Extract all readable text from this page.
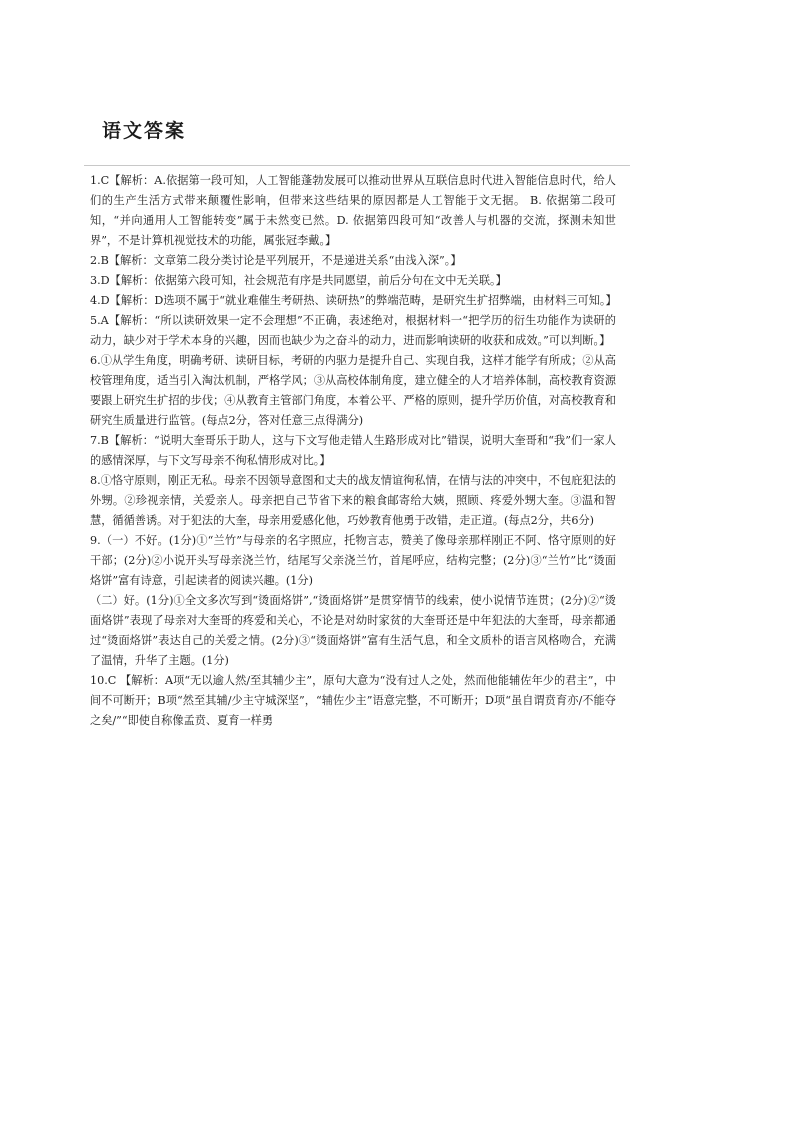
语文答案

1.C【解析：A.依据第一段可知，人工智能蓬勃发展可以推动世界从互联信息时代进入智能信息时代，给人们的生产生活方式带来颠覆性影响，但带来这些结果的原因都是人工智能于文无据。 B. 依据第二段可知，“并向通用人工智能转变”属于未然变已然。D. 依据第四段可知“改善人与机器的交流，探测未知世界”，不是计算机视觉技术的功能，属张冠李戴。】

2.B【解析：文章第二段分类讨论是平列展开，不是递进关系“由浅入深”。】

3.D【解析：依据第六段可知，社会规范有序是共同愿望，前后分句在文中无关联。】

4.D【解析：D选项不属于“就业难催生考研热、读研热”的弊端范畴，是研究生扩招弊端，由材料三可知。】

5.A【解析：“所以读研效果一定不会理想”不正确，表述绝对，根据材料一“把学历的衍生功能作为读研的动力，缺少对于学术本身的兴趣，因而也缺少为之奋斗的动力，进而影响读研的收获和成效。”可以判断。】

6.①从学生角度，明确考研、读研目标，考研的内驱力是提升自己、实现自我，这样才能学有所成；②从高校管理角度，适当引入淘汰机制，严格学风；③从高校体制角度，建立健全的人才培养体制，高校教育资源要跟上研究生扩招的步伐；④从教育主管部门角度，本着公平、严格的原则，提升学历价值，对高校教育和研究生质量进行监管。(每点2分，答对任意三点得满分)

7.B【解析：“说明大奎哥乐于助人，这与下文写他走错人生路形成对比”错误，说明大奎哥和“我”们一家人的感情深厚，与下文写母亲不徇私情形成对比。】

8.①恪守原则，刚正无私。母亲不因领导意图和丈夫的战友情谊徇私情，在情与法的冲突中，不包庇犯法的外甥。②珍视亲情，关爱亲人。母亲把自己节省下来的粮食邮寄给大姨，照顾、疼爱外甥大奎。③温和智慧，循循善诱。对于犯法的大奎，母亲用爱感化他，巧妙教育他勇于改错，走正道。(每点2分，共6分)

9.（一）不好。(1分)①“兰竹”与母亲的名字照应，托物言志，赞美了像母亲那样刚正不阿、恪守原则的好干部；(2分)②小说开头写母亲浇兰竹，结尾写父亲浇兰竹，首尾呼应，结构完整；(2分)③“兰竹”比“烫面烙饼”富有诗意，引起读者的阅读兴趣。(1分)

（二）好。(1分)①全文多次写到“烫面烙饼”,“烫面烙饼”是贯穿情节的线索，使小说情节连贯；(2分)②“烫面烙饼”表现了母亲对大奎哥的疼爱和关心，不论是对幼时家贫的大奎哥还是中年犯法的大奎哥，母亲都通过“烫面烙饼”表达自己的关爱之情。(2分)③“烫面烙饼”富有生活气息，和全文质朴的语言风格吻合，充满了温情，升华了主题。(1分)

10.C 【解析：A项“无以逾人然/至其辅少主”，原句大意为“没有过人之处，然而他能辅佐年少的君主”，中间不可断开；B项“然至其辅/少主守城深坚”，“辅佐少主”语意完整，不可断开；D项“虽自谓贲育亦/不能夺之矣/”“即使自称像孟贲、夏育一样勇
